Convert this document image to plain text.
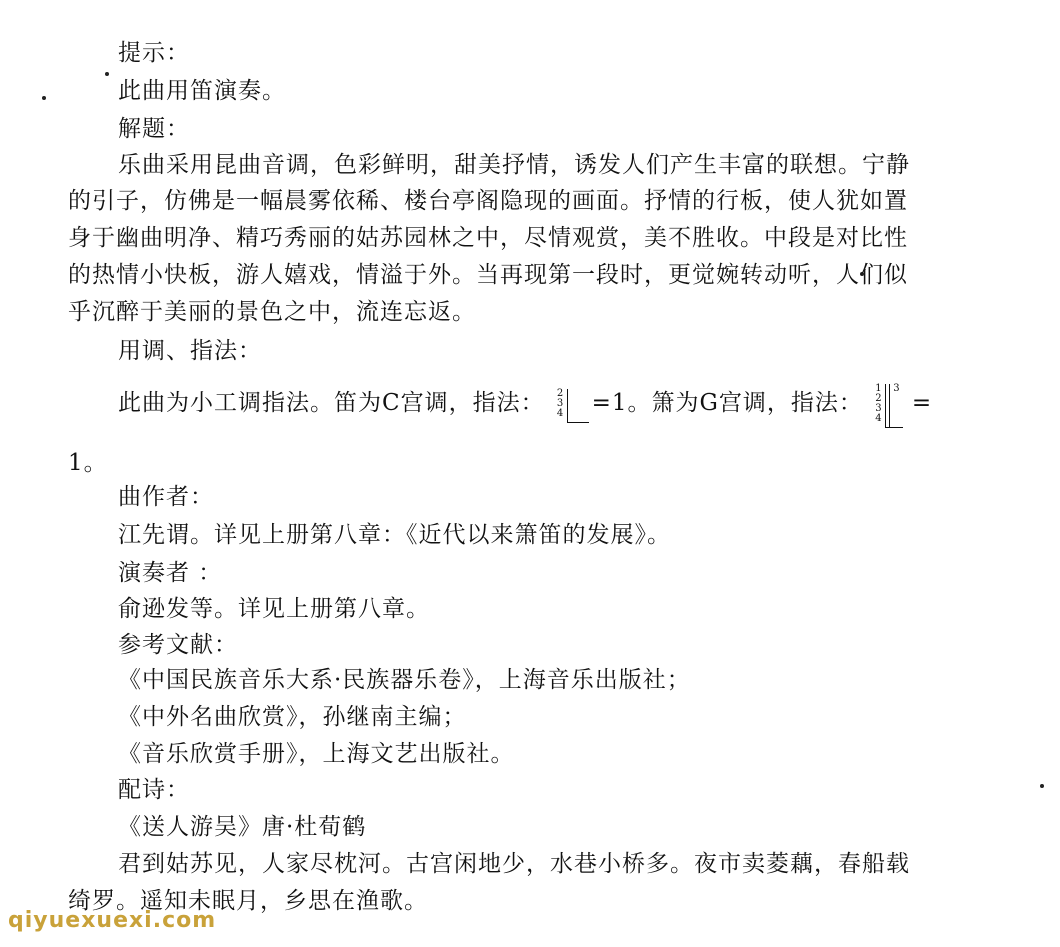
提示：
此曲用笛演奏。
解题：
乐曲采用昆曲音调，色彩鲜明，甜美抒情，诱发人们产生丰富的联想。宁静
的引子，仿佛是一幅晨雾依稀、楼台亭阁隐现的画面。抒情的行板，使人犹如置
身于幽曲明净、精巧秀丽的姑苏园林之中，尽情观赏，美不胜收。中段是对比性
的热情小快板，游人嬉戏，情溢于外。当再现第一段时，更觉婉转动听，人们似
乎沉醉于美丽的景色之中，流连忘返。
用调、指法：
此曲为小工调指法。笛为C宫调，指法： 2
3
4 =1。箫为G宫调，指法：
1
2
3
4
3
=
1。
曲作者：
江先谓。详见上册第八章：《近代以来箫笛的发展》。
演奏者 ：
俞逊发等。详见上册第八章。
参考文献：
《中国民族音乐大系·民族器乐卷》，上海音乐出版社；
《中外名曲欣赏》，孙继南主编；
《音乐欣赏手册》，上海文艺出版社。
配诗：
《送人游吴》唐·杜荀鹤
君到姑苏见，人家尽枕河。古宫闲地少，水巷小桥多。夜市卖菱藕，春船载
绮罗。遥知未眠月，乡思在渔歌。
qiyuexuexi.com
